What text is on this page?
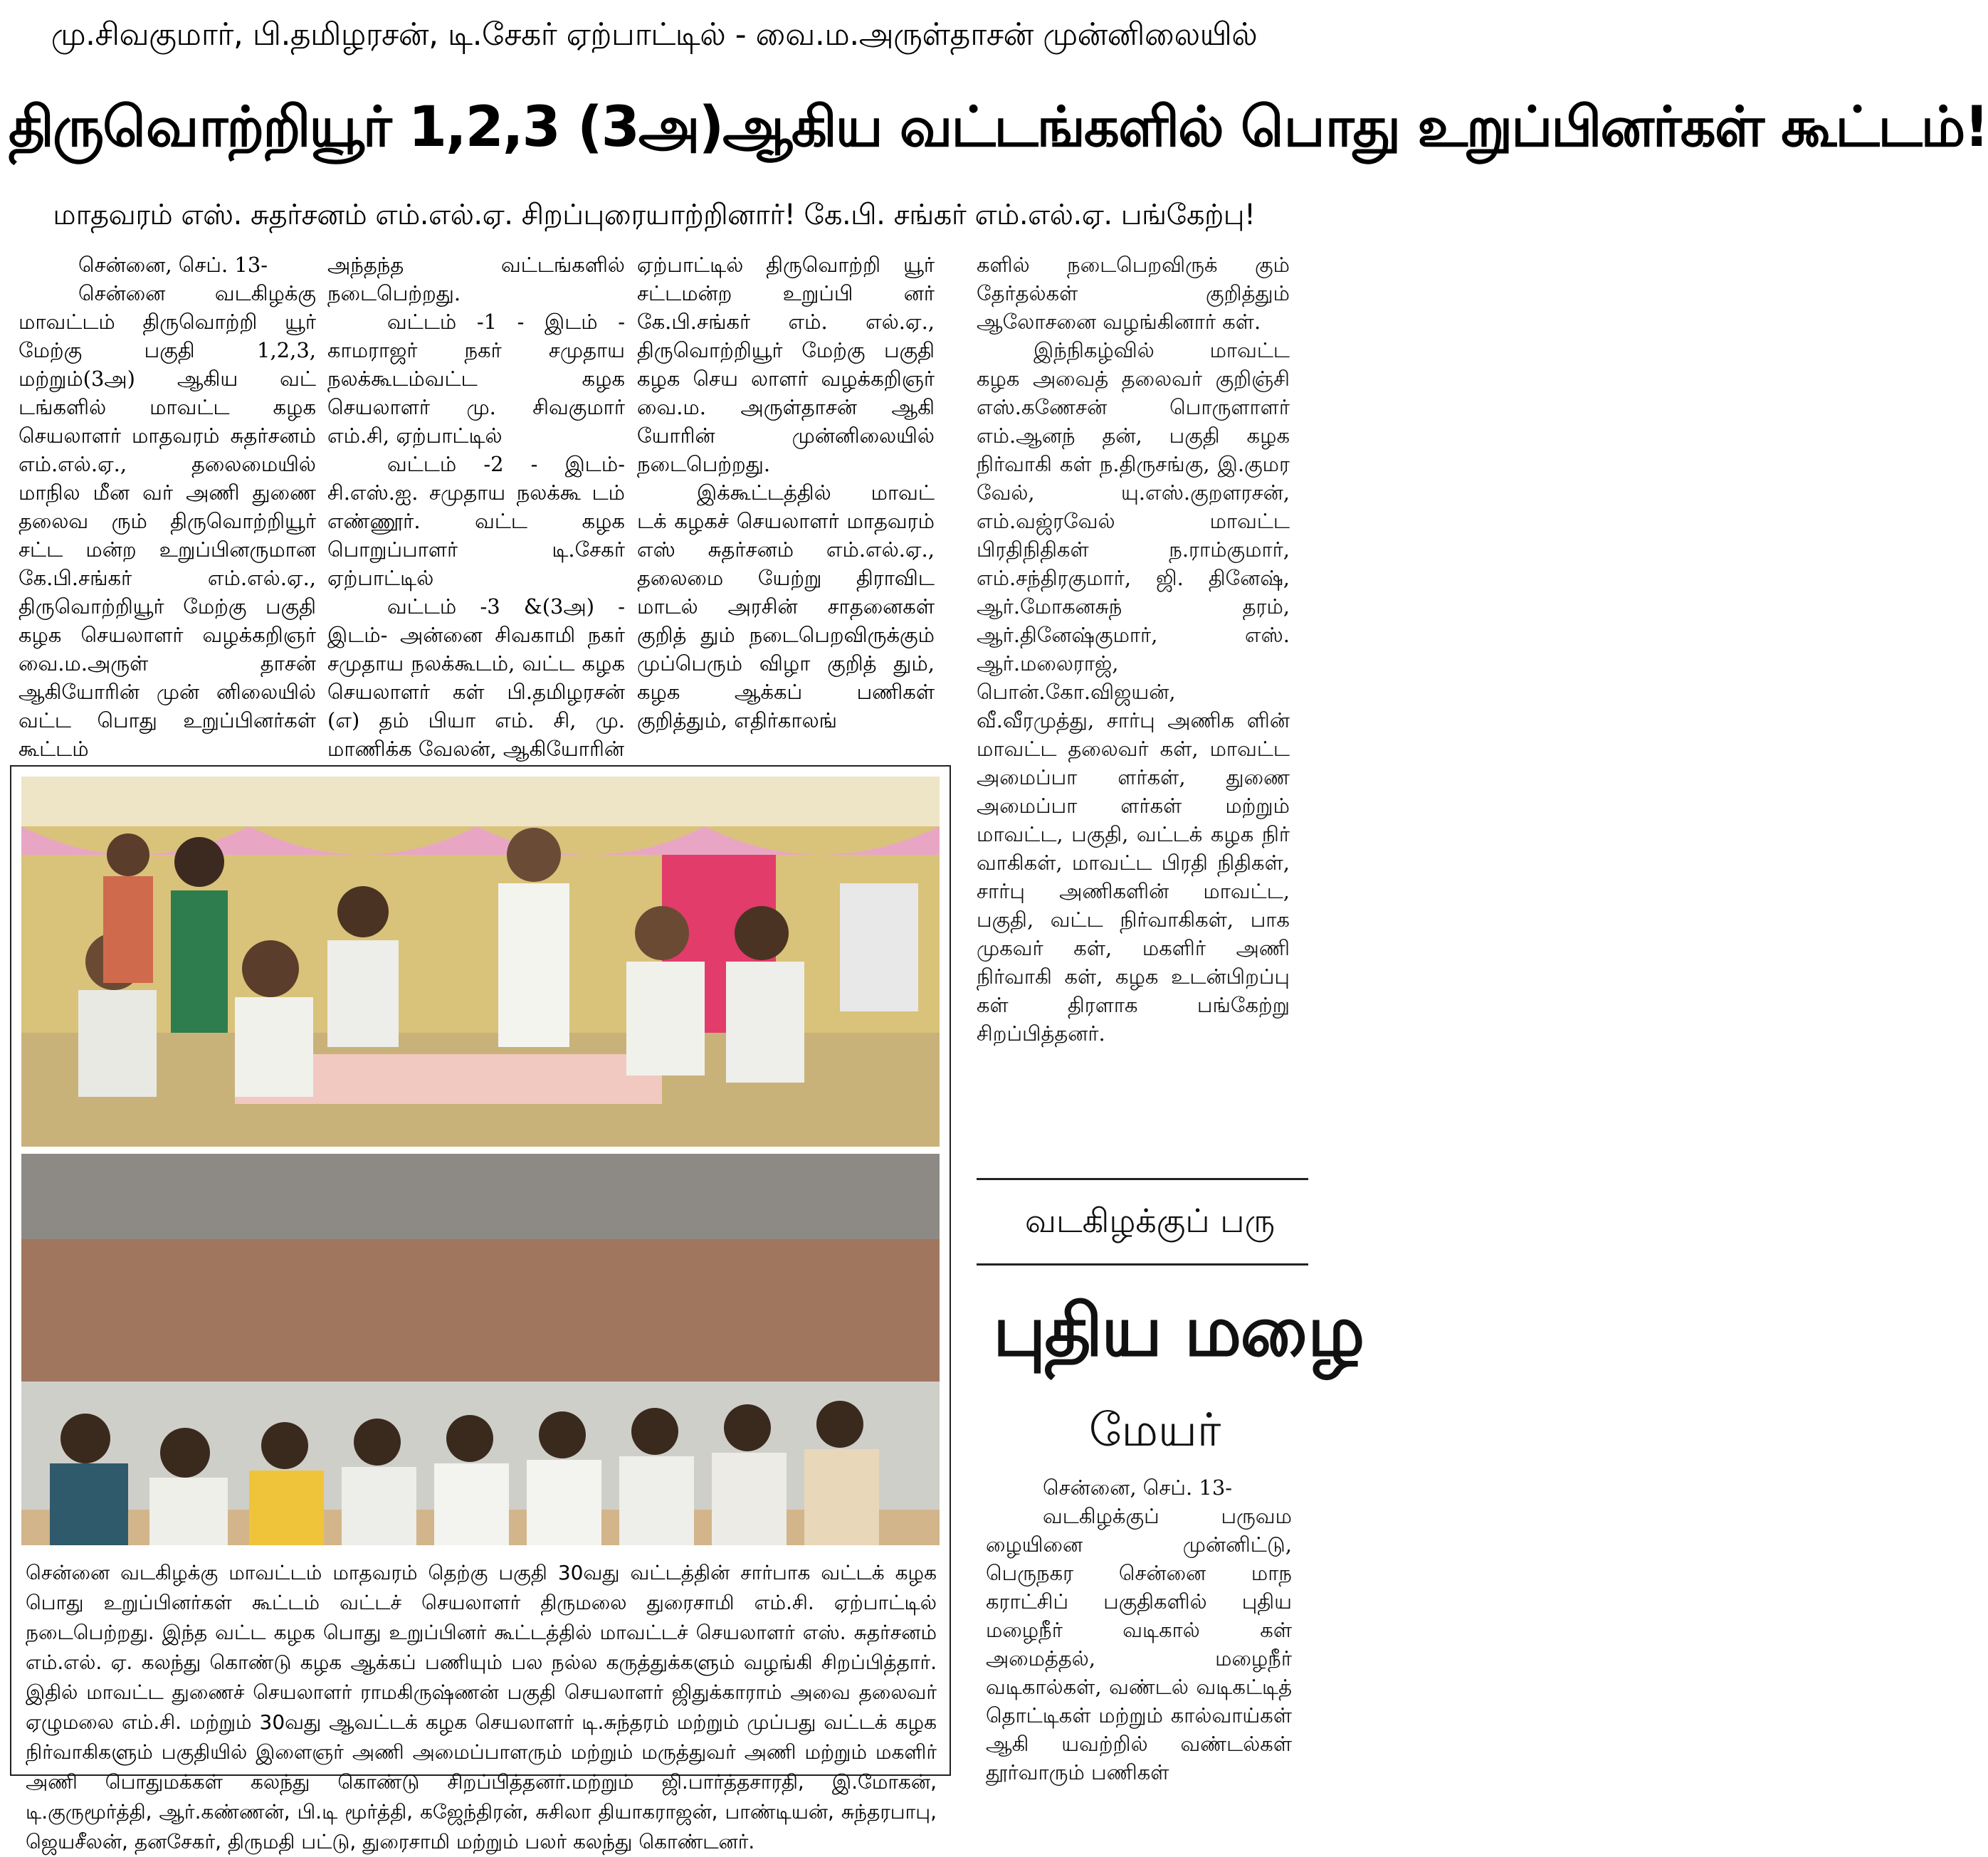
மு.சிவகுமார், பி.தமிழரசன், டி.சேகர் ஏற்பாட்டில் - வை.ம.அருள்தாசன் முன்னிலையில்
திருவொற்றியூர் 1,2,3 (3அ)ஆகிய வட்டங்களில் பொது உறுப்பினர்கள் கூட்டம்!
மாதவரம் எஸ். சுதர்சனம் எம்.எல்.ஏ. சிறப்புரையாற்றினார்! கே.பி. சங்கர் எம்.எல்.ஏ. பங்கேற்பு!

சென்னை, செப். 13-

சென்னை வடகிழக்கு மாவட்டம் திருவொற்றி யூர் மேற்கு பகுதி 1,2,3, மற்றும்(3அ) ஆகிய வட் டங்களில் மாவட்ட கழக செயலாளர் மாதவரம் சுதர்சனம் எம்.எல்.ஏ., தலைமையில் மாநில மீன வர் அணி துணை தலைவ ரும் திருவொற்றியூர் சட்ட மன்ற உறுப்பினருமான கே.பி.சங்கர் எம்.எல்.ஏ., திருவொற்றியூர் மேற்கு பகுதி கழக செயலாளர் வழக்கறிஞர் வை.ம.அருள் தாசன் ஆகியோரின் முன் னிலையில் வட்ட பொது உறுப்பினர்கள் கூட்டம்

அந்தந்த வட்டங்களில் நடைபெற்றது.

வட்டம் -1 - இடம் - காமராஜர் நகர் சமுதாய நலக்கூடம்வட்ட கழக செயலாளர் மு. சிவகுமார் எம்.சி, ஏற்பாட்டில்

வட்டம் -2 - இடம்- சி.எஸ்.ஐ. சமுதாய நலக்கூ டம் எண்ணூர். வட்ட கழக பொறுப்பாளர் டி.சேகர் ஏற்பாட்டில்

வட்டம் -3 &(3அ) - இடம்- அன்னை சிவகாமி நகர் சமுதாய நலக்கூடம், வட்ட கழக செயலாளர் கள் பி.தமிழரசன் (எ) தம் பியா எம். சி, மு. மாணிக்க வேலன், ஆகியோரின்

ஏற்பாட்டில் திருவொற்றி யூர் சட்டமன்ற உறுப்பி னர் கே.பி.சங்கர் எம். எல்.ஏ., திருவொற்றியூர் மேற்கு பகுதி கழக செய லாளர் வழக்கறிஞர் வை.ம. அருள்தாசன் ஆகி யோரின் முன்னிலையில் நடைபெற்றது.

இக்கூட்டத்தில் மாவட் டக் கழகச் செயலாளர் மாதவரம் எஸ் சுதர்சனம் எம்.எல்.ஏ., தலைமை யேற்று திராவிட மாடல் அரசின் சாதனைகள் குறித் தும் நடைபெறவிருக்கும் முப்பெரும் விழா குறித் தும், கழக ஆக்கப் பணிகள் குறித்தும், எதிர்காலங்

களில் நடைபெறவிருக் கும் தேர்தல்கள் குறித்தும் ஆலோசனை வழங்கினார் கள்.

இந்நிகழ்வில் மாவட்ட கழக அவைத் தலைவர் குறிஞ்சி எஸ்.கணேசன் பொருளாளர் எம்.ஆனந் தன், பகுதி கழக நிர்வாகி கள் ந.திருசங்கு, இ.குமர வேல், யு.எஸ்.குறளரசன், எம்.வஜ்ரவேல் மாவட்ட பிரதிநிதிகள் ந.ராம்குமார், எம்.சந்திரகுமார், ஜி. தினேஷ், ஆர்.மோகனசுந் தரம், ஆர்.தினேஷ்குமார், எஸ். ஆர்.மலைராஜ், பொன்.கோ.விஜயன், வீ.வீரமுத்து, சார்பு அணிக ளின் மாவட்ட தலைவர் கள், மாவட்ட அமைப்பா ளர்கள், துணை அமைப்பா ளர்கள் மற்றும் மாவட்ட, பகுதி, வட்டக் கழக நிர் வாகிகள், மாவட்ட பிரதி நிதிகள், சார்பு அணிகளின் மாவட்ட, பகுதி, வட்ட நிர்வாகிகள், பாக முகவர் கள், மகளிர் அணி நிர்வாகி கள், கழக உடன்பிறப்பு கள் திரளாக பங்கேற்று சிறப்பித்தனர்.

சென்னை வடகிழக்கு மாவட்டம் மாதவரம் தெற்கு பகுதி 30வது வட்டத்தின் சார்பாக வட்டக் கழக பொது உறுப்பினர்கள் கூட்டம் வட்டச் செயலாளர் திருமலை துரைசாமி எம்.சி. ஏற்பாட்டில் நடைபெற்றது. இந்த வட்ட கழக பொது உறுப்பினர் கூட்டத்தில் மாவட்டச் செயலாளர் எஸ். சுதர்சனம் எம்.எல். ஏ. கலந்து கொண்டு கழக ஆக்கப் பணியும் பல நல்ல கருத்துக்களும் வழங்கி சிறப்பித்தார். இதில் மாவட்ட துணைச் செயலாளர் ராமகிருஷ்ணன் பகுதி செயலாளர் ஜிதுக்காராம் அவை தலைவர் ஏழுமலை எம்.சி. மற்றும் 30வது ஆவட்டக் கழக செயலாளர் டி.சுந்தரம் மற்றும் முப்பது வட்டக் கழக நிர்வாகிகளும் பகுதியில் இளைஞர் அணி அமைப்பாளரும் மற்றும் மருத்துவர் அணி மற்றும் மகளிர் அணி பொதுமக்கள் கலந்து கொண்டு சிறப்பித்தனர்.மற்றும் ஜி.பார்த்தசாரதி, இ.மோகன், டி.குருமூர்த்தி, ஆர்.கண்ணன், பி.டி மூர்த்தி, கஜேந்திரன், சுசிலா தியாகராஜன், பாண்டியன், சுந்தரபாபு, ஜெயசீலன், தனசேகர், திருமதி பட்டு, துரைசாமி மற்றும் பலர் கலந்து கொண்டனர்.
வடகிழக்குப் பரு
புதிய மழை
மேயர்

சென்னை, செப். 13-

வடகிழக்குப் பருவம ழையினை முன்னிட்டு, பெருநகர சென்னை மாந கராட்சிப் பகுதிகளில் புதிய மழைநீர் வடிகால் கள் அமைத்தல், மழைநீர் வடிகால்கள், வண்டல் வடிகட்டித் தொட்டிகள் மற்றும் கால்வாய்கள் ஆகி யவற்றில் வண்டல்கள் தூர்வாரும் பணிகள்
